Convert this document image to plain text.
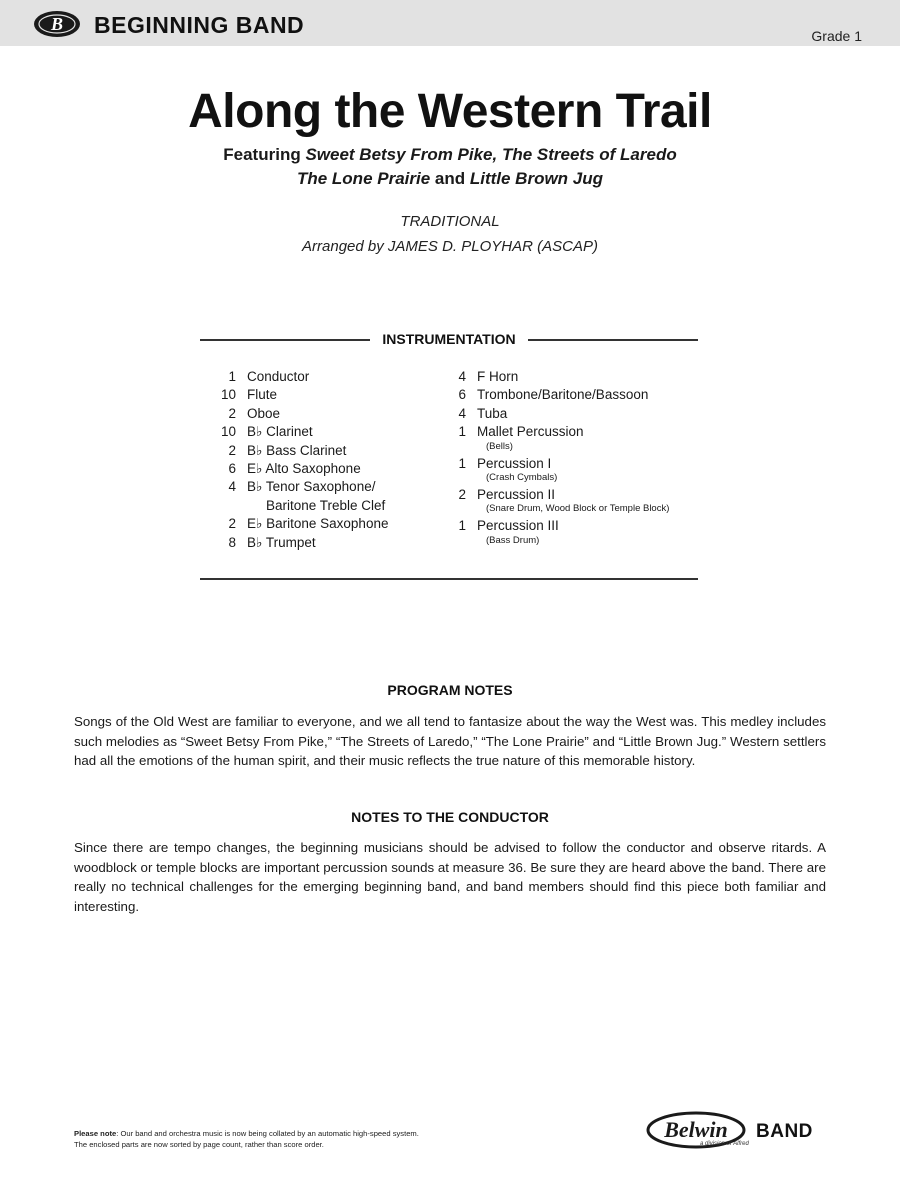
B BEGINNING BAND	Grade 1
Along the Western Trail
Featuring Sweet Betsy From Pike, The Streets of Laredo
The Lone Prairie and Little Brown Jug
TRADITIONAL
Arranged by JAMES D. PLOYHAR (ASCAP)
INSTRUMENTATION
1 Conductor
10 Flute
2 Oboe
10 B♭ Clarinet
2 B♭ Bass Clarinet
6 E♭ Alto Saxophone
4 B♭ Tenor Saxophone/
Baritone Treble Clef
2 E♭ Baritone Saxophone
8 B♭ Trumpet
4 F Horn
6 Trombone/Baritone/Bassoon
4 Tuba
1 Mallet Percussion
(Bells)
1 Percussion I
(Crash Cymbals)
2 Percussion II
(Snare Drum, Wood Block or Temple Block)
1 Percussion III
(Bass Drum)
PROGRAM NOTES
Songs of the Old West are familiar to everyone, and we all tend to fantasize about the way the West was. This medley includes such melodies as “Sweet Betsy From Pike,” “The Streets of Laredo,” “The Lone Prairie” and “Little Brown Jug.” Western settlers had all the emotions of the human spirit, and their music reflects the true nature of this memorable history.
NOTES TO THE CONDUCTOR
Since there are tempo changes, the beginning musicians should be advised to follow the conductor and observe ritards. A woodblock or temple blocks are important percussion sounds at measure 36. Be sure they are heard above the band. There are really no technical challenges for the emerging beginning band, and band members should find this piece both familiar and interesting.
Please note: Our band and orchestra music is now being collated by an automatic high-speed system.
The enclosed parts are now sorted by page count, rather than score order.
Belwin BAND
a division of Alfred
